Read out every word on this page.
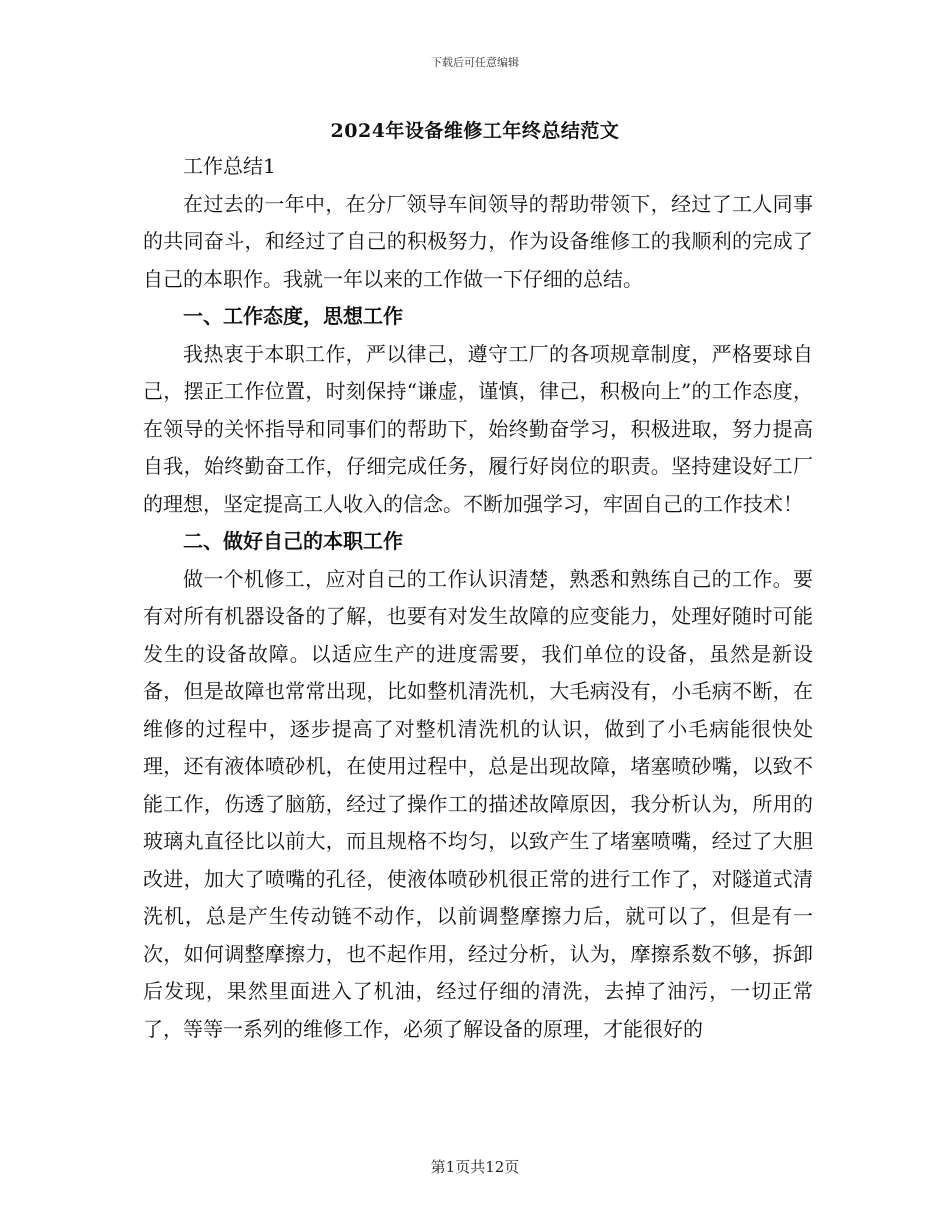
下载后可任意编辑
2024年设备维修工年终总结范文

工作总结1

在过去的一年中，在分厂领导车间领导的帮助带领下，经过了工人同事的共同奋斗，和经过了自己的积极努力，作为设备维修工的我顺利的完成了自己的本职作。我就一年以来的工作做一下仔细的总结。

一、工作态度，思想工作

我热衷于本职工作，严以律己，遵守工厂的各项规章制度，严格要球自己，摆正工作位置，时刻保持“谦虚，谨慎，律己，积极向上”的工作态度，在领导的关怀指导和同事们的帮助下，始终勤奋学习，积极进取，努力提高自我，始终勤奋工作，仔细完成任务，履行好岗位的职责。坚持建设好工厂的理想，坚定提高工人收入的信念。不断加强学习，牢固自己的工作技术！

二、做好自己的本职工作

做一个机修工，应对自己的工作认识清楚，熟悉和熟练自己的工作。要有对所有机器设备的了解，也要有对发生故障的应变能力，处理好随时可能发生的设备故障。以适应生产的进度需要，我们单位的设备，虽然是新设备，但是故障也常常出现，比如整机清洗机，大毛病没有，小毛病不断，在维修的过程中，逐步提高了对整机清洗机的认识，做到了小毛病能很快处理，还有液体喷砂机，在使用过程中，总是出现故障，堵塞喷砂嘴，以致不能工作，伤透了脑筋，经过了操作工的描述故障原因，我分析认为，所用的玻璃丸直径比以前大，而且规格不均匀，以致产生了堵塞喷嘴，经过了大胆改进，加大了喷嘴的孔径，使液体喷砂机很正常的进行工作了，对隧道式清洗机，总是产生传动链不动作，以前调整摩擦力后，就可以了，但是有一次，如何调整摩擦力，也不起作用，经过分析，认为，摩擦系数不够，拆卸后发现，果然里面进入了机油，经过仔细的清洗，去掉了油污，一切正常了，等等一系列的维修工作，必须了解设备的原理，才能很好的

第1页共12页
